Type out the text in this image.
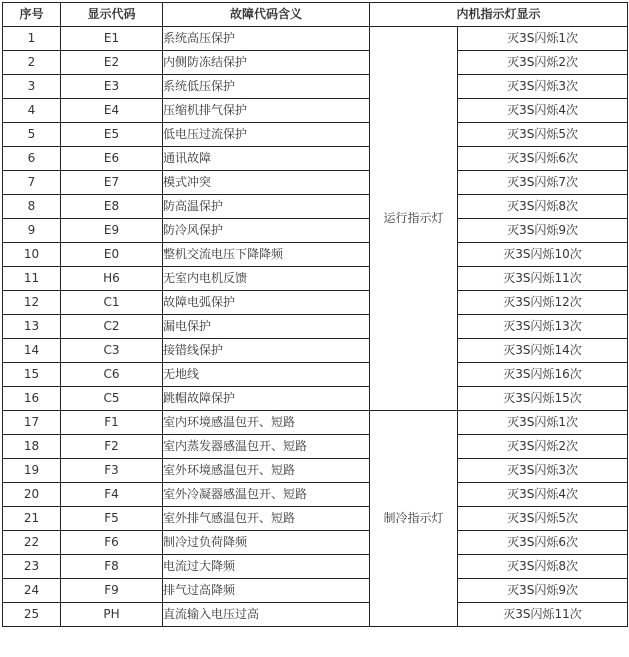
序号	显示代码	故障代码含义	内机指示灯显示	
1	E1	系统高压保护	运行指示灯	灭3S闪烁1次
2	E2	内侧防冻结保护		灭3S闪烁2次
3	E3	系统低压保护		灭3S闪烁3次
4	E4	压缩机排气保护		灭3S闪烁4次
5	E5	低电压过流保护		灭3S闪烁5次
6	E6	通讯故障		灭3S闪烁6次
7	E7	模式冲突		灭3S闪烁7次
8	E8	防高温保护		灭3S闪烁8次
9	E9	防冷风保护		灭3S闪烁9次
10	E0	整机交流电压下降降频		灭3S闪烁10次
11	H6	无室内电机反馈		灭3S闪烁11次
12	C1	故障电弧保护		灭3S闪烁12次
13	C2	漏电保护		灭3S闪烁13次
14	C3	接错线保护		灭3S闪烁14次
15	C6	无地线		灭3S闪烁16次
16	C5	跳帽故障保护		灭3S闪烁15次
17	F1	室内环境感温包开、短路	制冷指示灯	灭3S闪烁1次
18	F2	室内蒸发器感温包开、短路		灭3S闪烁2次
19	F3	室外环境感温包开、短路		灭3S闪烁3次
20	F4	室外冷凝器感温包开、短路		灭3S闪烁4次
21	F5	室外排气感温包开、短路		灭3S闪烁5次
22	F6	制冷过负荷降频		灭3S闪烁6次
23	F8	电流过大降频		灭3S闪烁8次
24	F9	排气过高降频		灭3S闪烁9次
25	PH	直流输入电压过高		灭3S闪烁11次
